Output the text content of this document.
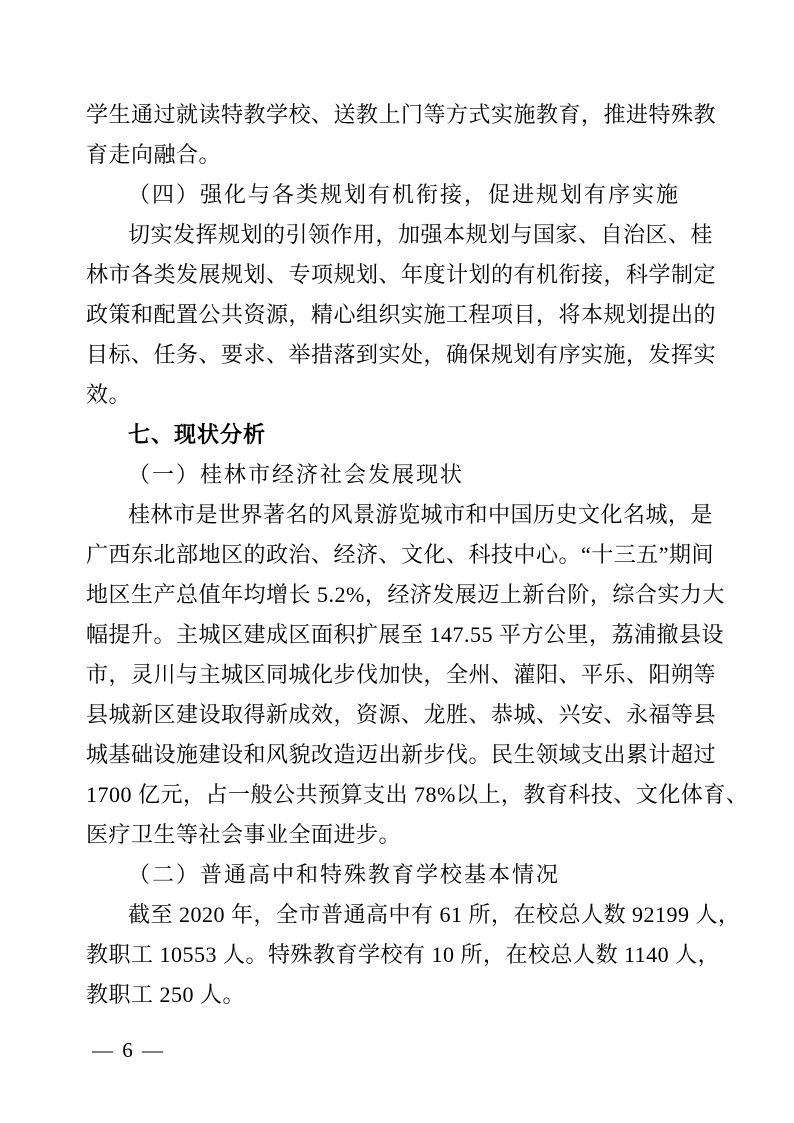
学生通过就读特教学校、送教上门等方式实施教育，推进特殊教
育走向融合。
（四）强化与各类规划有机衔接，促进规划有序实施
切实发挥规划的引领作用，加强本规划与国家、自治区、桂
林市各类发展规划、专项规划、年度计划的有机衔接，科学制定
政策和配置公共资源，精心组织实施工程项目，将本规划提出的
目标、任务、要求、举措落到实处，确保规划有序实施，发挥实
效。
七、现状分析
（一）桂林市经济社会发展现状
桂林市是世界著名的风景游览城市和中国历史文化名城，是
广西东北部地区的政治、经济、文化、科技中心。“十三五”期间
地区生产总值年均增长 5.2%，经济发展迈上新台阶，综合实力大
幅提升。主城区建成区面积扩展至 147.55 平方公里，荔浦撤县设
市，灵川与主城区同城化步伐加快，全州、灌阳、平乐、阳朔等
县城新区建设取得新成效，资源、龙胜、恭城、兴安、永福等县
城基础设施建设和风貌改造迈出新步伐。民生领域支出累计超过
1700 亿元，占一般公共预算支出 78%以上，教育科技、文化体育、
医疗卫生等社会事业全面进步。
（二）普通高中和特殊教育学校基本情况
截至 2020 年，全市普通高中有 61 所，在校总人数 92199 人，
教职工 10553 人。特殊教育学校有 10 所，在校总人数 1140 人，
教职工 250 人。
— 6 —
